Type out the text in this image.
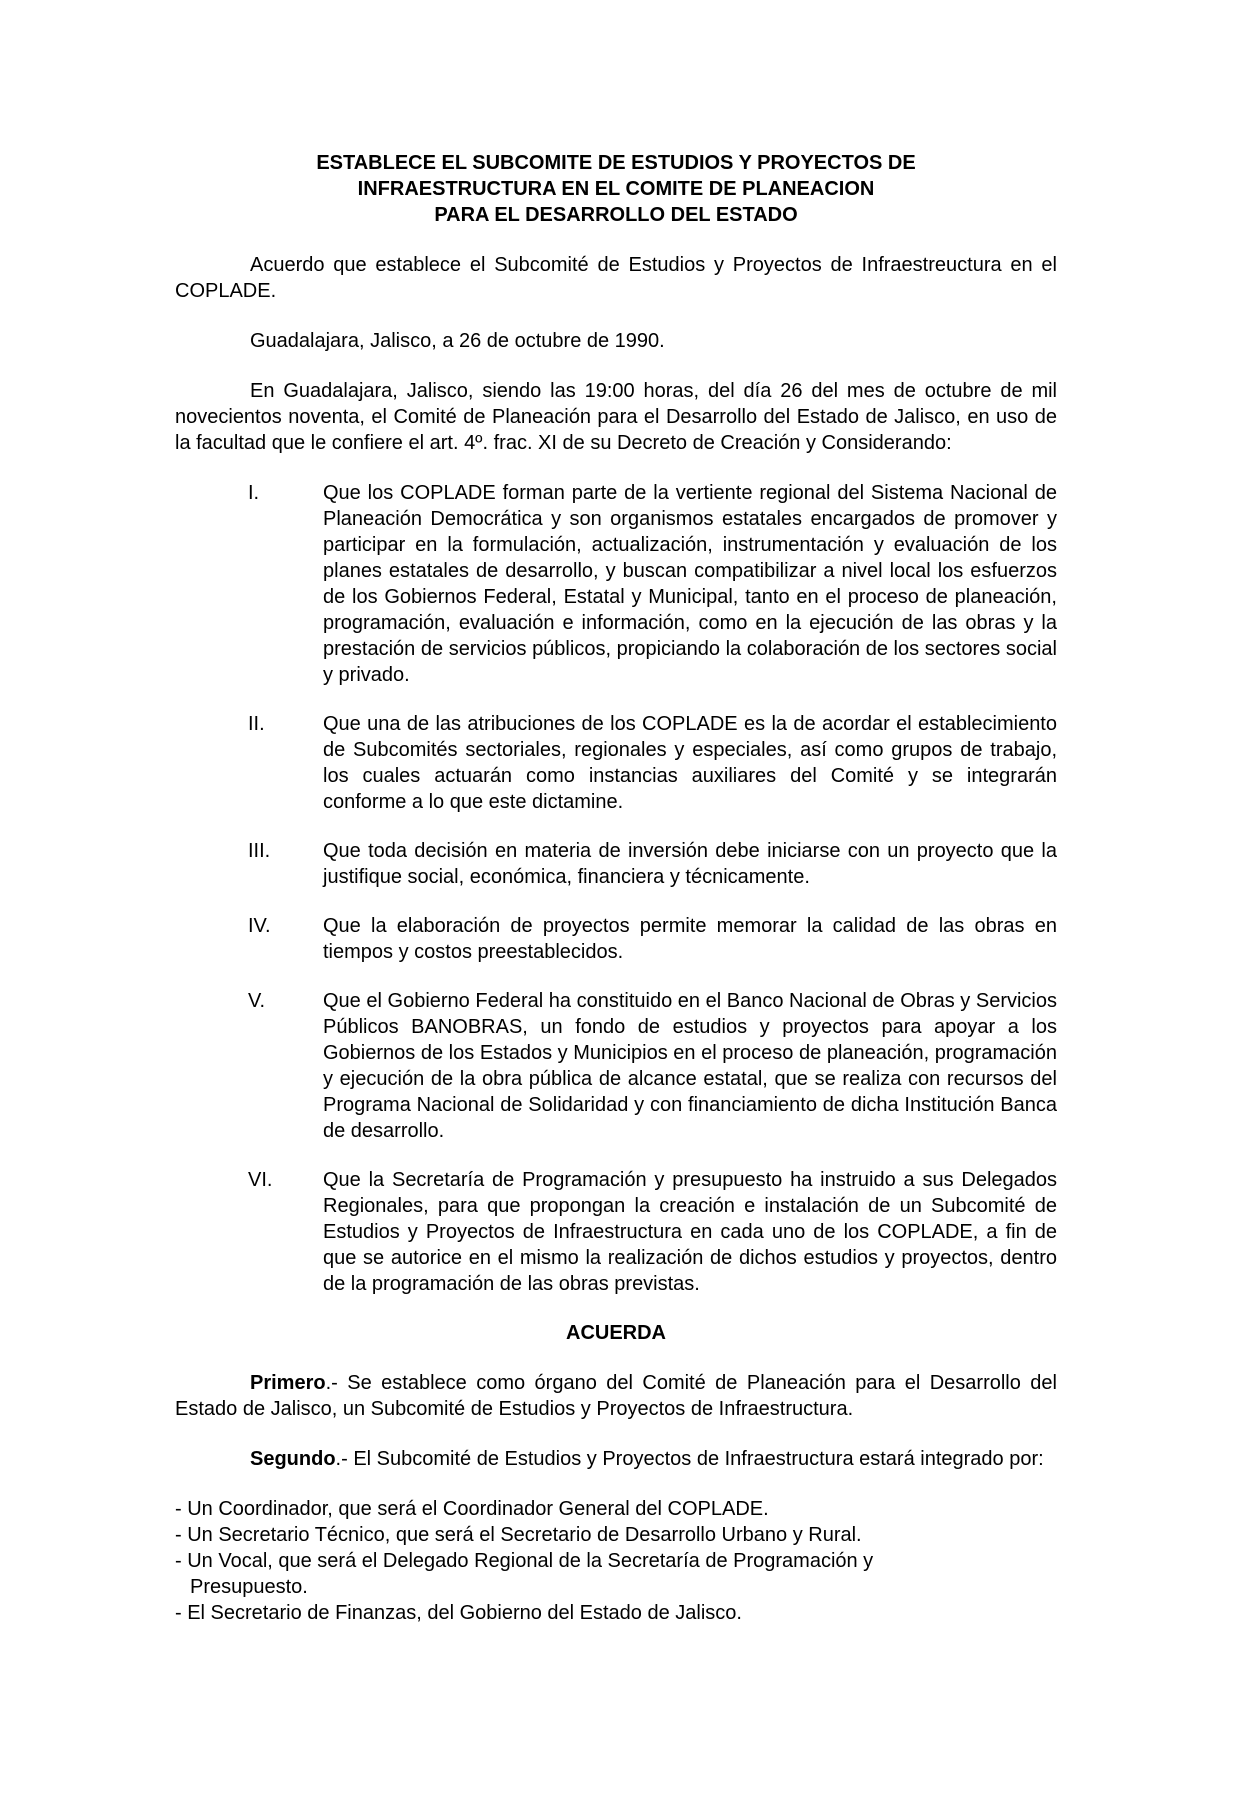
ESTABLECE EL SUBCOMITE DE ESTUDIOS Y PROYECTOS DE
INFRAESTRUCTURA EN EL COMITE DE PLANEACION
PARA EL DESARROLLO DEL ESTADO

Acuerdo que establece el Subcomité de Estudios y Proyectos de Infraestreuctura en el COPLADE.

Guadalajara, Jalisco, a 26 de octubre de 1990.

En Guadalajara, Jalisco, siendo las 19:00 horas, del día 26 del mes de octubre de mil novecientos noventa, el Comité de Planeación para el Desarrollo del Estado de Jalisco, en uso de la facultad que le confiere el art. 4º. frac. XI de su Decreto de Creación y Considerando:

I.	Que los COPLADE forman parte de la vertiente regional del Sistema Nacional de Planeación Democrática y son organismos estatales encargados de promover y participar en la formulación, actualización, instrumentación y evaluación de los planes estatales de desarrollo, y buscan compatibilizar a nivel local los esfuerzos de los Gobiernos Federal, Estatal y Municipal, tanto en el proceso de planeación, programación, evaluación e información, como en la ejecución de las obras y la prestación de servicios públicos, propiciando la colaboración de los sectores social y privado.
II.	Que una de las atribuciones de los COPLADE es la de acordar el establecimiento de Subcomités sectoriales, regionales y especiales, así como grupos de trabajo, los cuales actuarán como instancias auxiliares del Comité y se integrarán conforme a lo que este dictamine.
III.	Que toda decisión en materia de inversión debe iniciarse con un proyecto que la justifique social, económica, financiera y técnicamente.
IV.	Que la elaboración de proyectos permite memorar la calidad de las obras en tiempos y costos preestablecidos.
V.	Que el Gobierno Federal ha constituido en el Banco Nacional de Obras y Servicios Públicos BANOBRAS, un fondo de estudios y proyectos para apoyar a los Gobiernos de los Estados y Municipios en el proceso de planeación, programación y ejecución de la obra pública de alcance estatal, que se realiza con recursos del Programa Nacional de Solidaridad y con financiamiento de dicha Institución Banca de desarrollo.
VI.	Que la Secretaría de Programación y presupuesto ha instruido a sus Delegados Regionales, para que propongan la creación e instalación de un Subcomité de Estudios y Proyectos de Infraestructura en cada uno de los COPLADE, a fin de que se autorice en el mismo la realización de dichos estudios y proyectos, dentro de la programación de las obras previstas.

ACUERDA

Primero.- Se establece como órgano del Comité de Planeación para el Desarrollo del Estado de Jalisco, un Subcomité de Estudios y Proyectos de Infraestructura.

Segundo.- El Subcomité de Estudios y Proyectos de Infraestructura estará integrado por:

- Un Coordinador, que será el Coordinador General del COPLADE.
- Un Secretario Técnico, que será el Secretario de Desarrollo Urbano y Rural.
- Un Vocal, que será el Delegado Regional de la Secretaría de Programación y
Presupuesto.
- El Secretario de Finanzas, del Gobierno del Estado de Jalisco.
